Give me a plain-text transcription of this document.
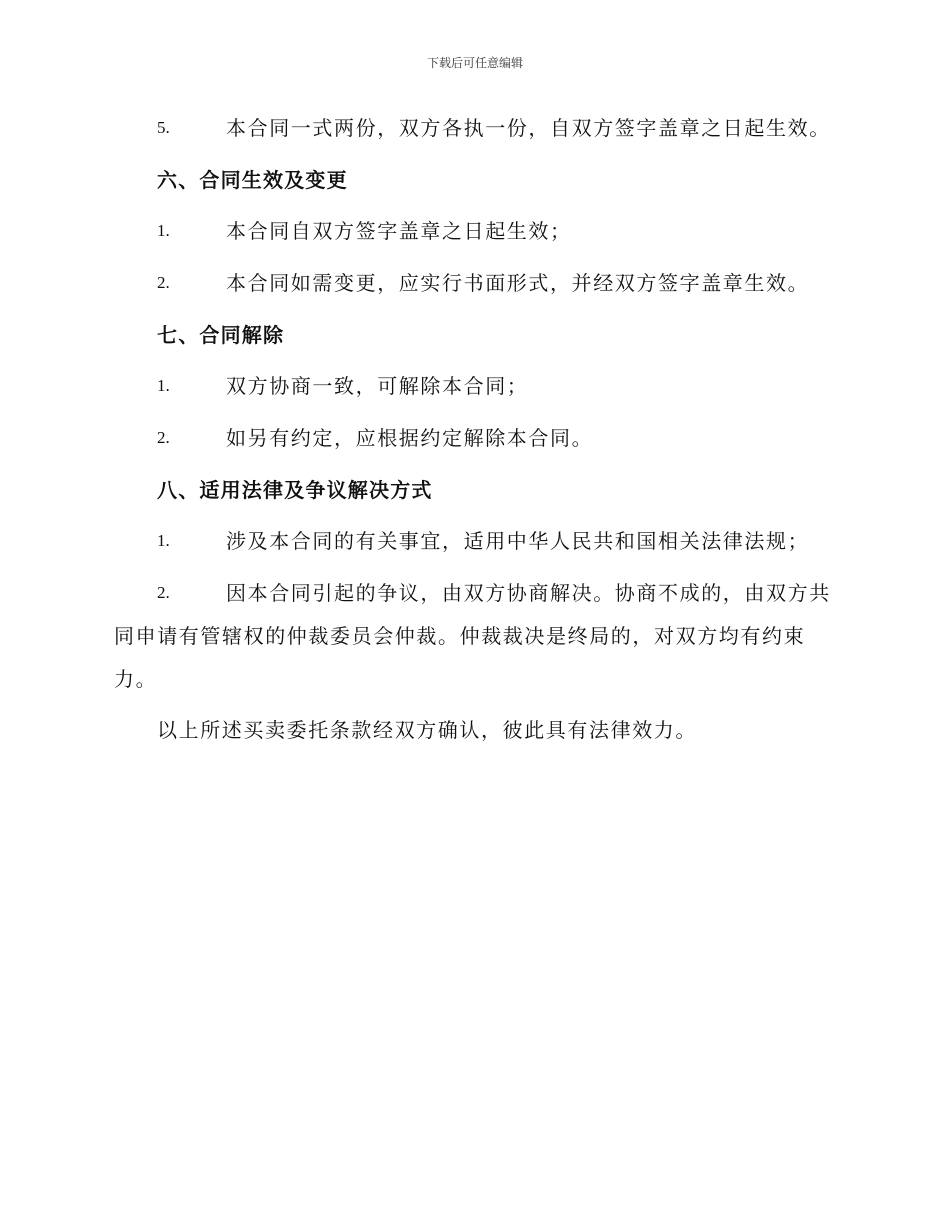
下载后可任意编辑
5.	本合同一式两份，双方各执一份，自双方签字盖章之日起生效。
六、合同生效及变更
1.	本合同自双方签字盖章之日起生效；
2.	本合同如需变更，应实行书面形式，并经双方签字盖章生效。
七、合同解除
1.	双方协商一致，可解除本合同；
2.	如另有约定，应根据约定解除本合同。
八、适用法律及争议解决方式
1.	涉及本合同的有关事宜，适用中华人民共和国相关法律法规；
2.	因本合同引起的争议，由双方协商解决。协商不成的，由双方共
同申请有管辖权的仲裁委员会仲裁。仲裁裁决是终局的，对双方均有约束
力。
以上所述买卖委托条款经双方确认，彼此具有法律效力。
